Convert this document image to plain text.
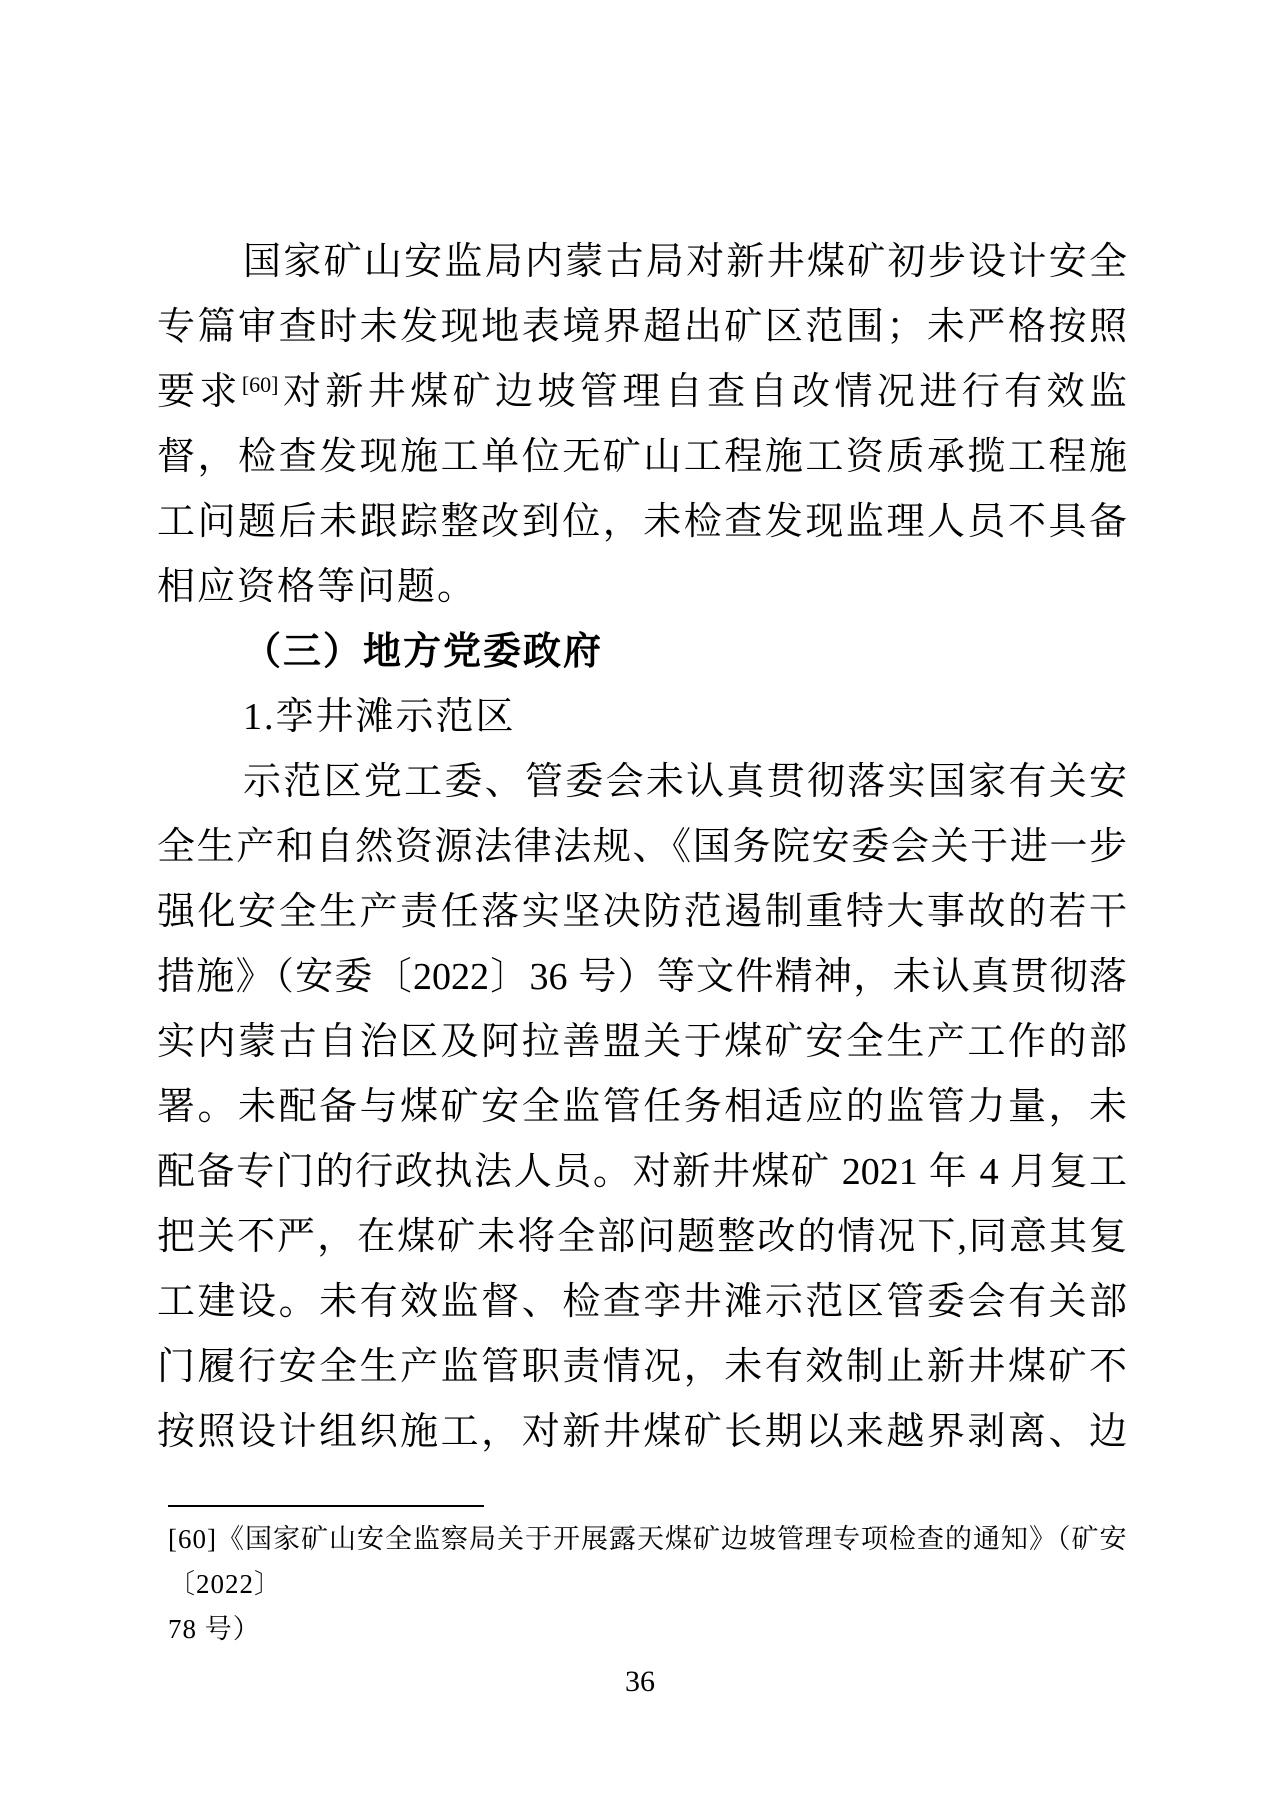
国家矿山安监局内蒙古局对新井煤矿初步设计安全
专篇审查时未发现地表境界超出矿区范围；未严格按照
要求[60]对新井煤矿边坡管理自查自改情况进行有效监
督，检查发现施工单位无矿山工程施工资质承揽工程施
工问题后未跟踪整改到位，未检查发现监理人员不具备
相应资格等问题。
（三）地方党委政府
1.孪井滩示范区
示范区党工委、管委会未认真贯彻落实国家有关安
全生产和自然资源法律法规、《国务院安委会关于进一步
强化安全生产责任落实坚决防范遏制重特大事故的若干
措施》（安委〔2022〕36 号）等文件精神，未认真贯彻落
实内蒙古自治区及阿拉善盟关于煤矿安全生产工作的部
署。未配备与煤矿安全监管任务相适应的监管力量，未
配备专门的行政执法人员。对新井煤矿 2021 年 4 月复工
把关不严，在煤矿未将全部问题整改的情况下,同意其复
工建设。未有效监督、检查孪井滩示范区管委会有关部
门履行安全生产监管职责情况，未有效制止新井煤矿不
按照设计组织施工，对新井煤矿长期以来越界剥离、边
[60]《国家矿山安全监察局关于开展露天煤矿边坡管理专项检查的通知》（矿安〔2022〕
78 号）
36
